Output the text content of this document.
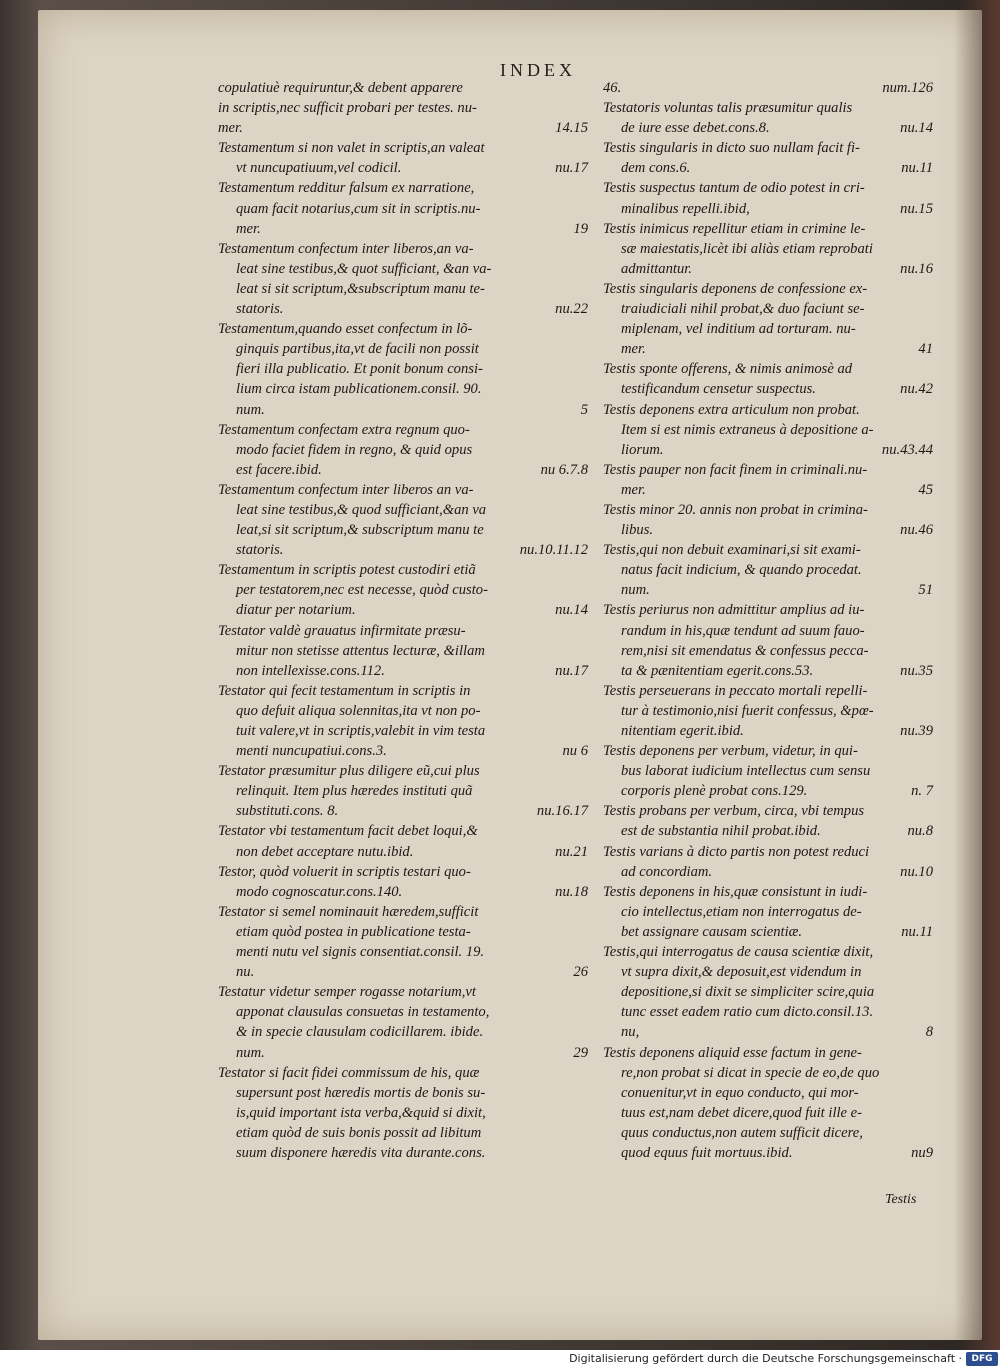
INDEX
copulatiuè requiruntur,& debent apparere
in scriptis,nec sufficit probari per testes. nu-
mer.	14.15
Testamentum si non valet in scriptis,an valeat
vt nuncupatiuum,vel codicil.	nu.17
Testamentum redditur falsum ex narratione,
quam facit notarius,cum sit in scriptis.nu-
mer.	19
Testamentum confectum inter liberos,an va-
leat sine testibus,& quot sufficiant, &an va-
leat si sit scriptum,&subscriptum manu te-
statoris.	nu.22
Testamentum,quando esset confectum in lõ-
ginquis partibus,ita,vt de facili non possit
fieri illa publicatio. Et ponit bonum consi-
lium circa istam publicationem.consil. 90.
num.	5
Testamentum confectam extra regnum quo-
modo faciet fidem in regno, & quid opus
est facere.ibid.	nu 6.7.8
Testamentum confectum inter liberos an va-
leat sine testibus,& quod sufficiant,&an va
leat,si sit scriptum,& subscriptum manu te
statoris.	nu.10.11.12
Testamentum in scriptis potest custodiri etiã
per testatorem,nec est necesse, quòd custo-
diatur per notarium.	nu.14
Testator valdè grauatus infirmitate præsu-
mitur non stetisse attentus lecturæ, &illam
non intellexisse.cons.112.	nu.17
Testator qui fecit testamentum in scriptis in
quo defuit aliqua solennitas,ita vt non po-
tuit valere,vt in scriptis,valebit in vim testa
menti nuncupatiui.cons.3.	nu 6
Testator præsumitur plus diligere eũ,cui plus
relinquit. Item plus hæredes instituti quã
substituti.cons. 8.	nu.16.17
Testator vbi testamentum facit debet loqui,&
non debet acceptare nutu.ibid.	nu.21
Testor, quòd voluerit in scriptis testari quo-
modo cognoscatur.cons.140.	nu.18
Testator si semel nominauit hæredem,sufficit
etiam quòd postea in publicatione testa-
menti nutu vel signis consentiat.consil. 19.
nu.	26
Testatur videtur semper rogasse notarium,vt
apponat clausulas consuetas in testamento,
& in specie clausulam codicillarem. ibide.
num.	29
Testator si facit fidei commissum de his, quæ
supersunt post hæredis mortis de bonis su-
is,quid important ista verba,&quid si dixit,
etiam quòd de suis bonis possit ad libitum
suum disponere hæredis vita durante.cons.
46.	num.126
Testatoris voluntas talis præsumitur qualis
de iure esse debet.cons.8.	nu.14
Testis singularis in dicto suo nullam facit fi-
dem cons.6.	nu.11
Testis suspectus tantum de odio potest in cri-
minalibus repelli.ibid,	nu.15
Testis inimicus repellitur etiam in crimine le-
sæ maiestatis,licèt ibi aliàs etiam reprobati
admittantur.	nu.16
Testis singularis deponens de confessione ex-
traiudiciali nihil probat,& duo faciunt se-
miplenam, vel inditium ad torturam. nu-
mer.	41
Testis sponte offerens, & nimis animosè ad
testificandum censetur suspectus.	nu.42
Testis deponens extra articulum non probat.
Item si est nimis extraneus à depositione a-
liorum.	nu.43.44
Testis pauper non facit finem in criminali.nu-
mer.	45
Testis minor 20. annis non probat in crimina-
libus.	nu.46
Testis,qui non debuit examinari,si sit exami-
natus facit indicium, & quando procedat.
num.	51
Testis periurus non admittitur amplius ad iu-
randum in his,quæ tendunt ad suum fauo-
rem,nisi sit emendatus & confessus pecca-
ta & pænitentiam egerit.cons.53.	nu.35
Testis perseuerans in peccato mortali repelli-
tur à testimonio,nisi fuerit confessus, &pœ-
nitentiam egerit.ibid.	nu.39
Testis deponens per verbum, videtur, in qui-
bus laborat iudicium intellectus cum sensu
corporis plenè probat cons.129.	n. 7
Testis probans per verbum, circa, vbi tempus
est de substantia nihil probat.ibid.	nu.8
Testis varians à dicto partis non potest reduci
ad concordiam.	nu.10
Testis deponens in his,quæ consistunt in iudi-
cio intellectus,etiam non interrogatus de-
bet assignare causam scientiæ.	nu.11
Testis,qui interrogatus de causa scientiæ dixit,
vt supra dixit,& deposuit,est videndum in
depositione,si dixit se simpliciter scire,quia
tunc esset eadem ratio cum dicto.consil.13.
nu,	8
Testis deponens aliquid esse factum in gene-
re,non probat si dicat in specie de eo,de quo
conuenitur,vt in equo conducto, qui mor-
tuus est,nam debet dicere,quod fuit ille e-
quus conductus,non autem sufficit dicere,
quod equus fuit mortuus.ibid.	nu9
Testis
Digitalisierung gefördert durch die Deutsche Forschungsgemeinschaft ·	DFG
